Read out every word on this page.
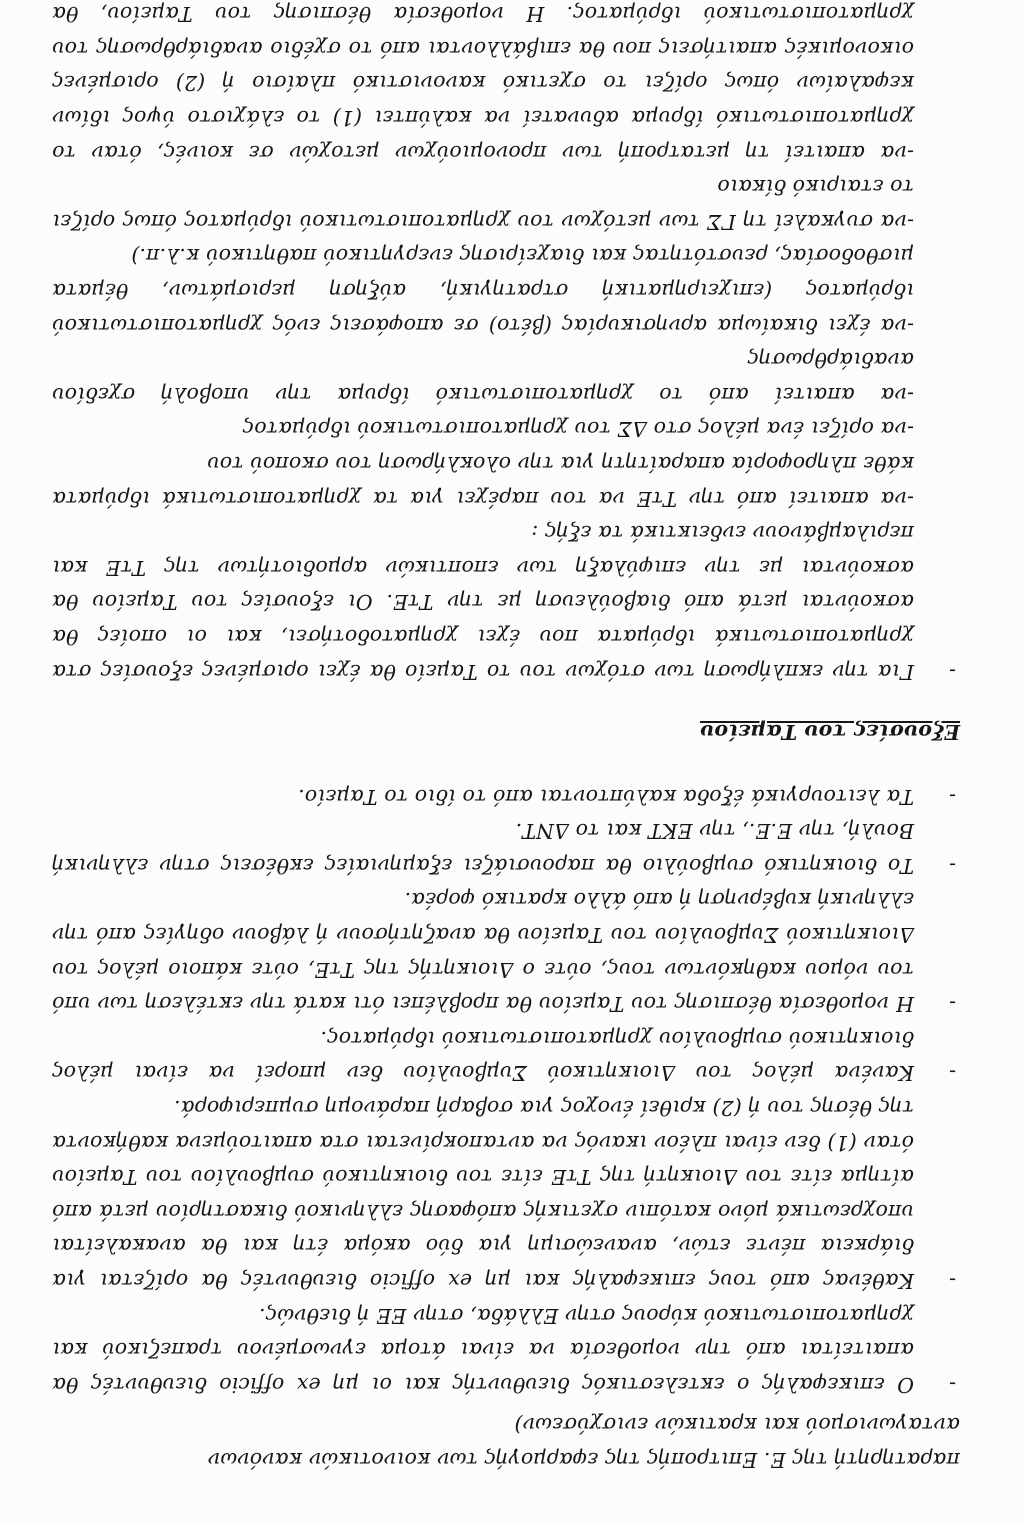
παρατηρητή της Ε. Επιτροπής της εφαρμογής των κοινοτικών κανόνων ανταγωνισμού και κρατικών ενισχύσεων)

-
Ο επικεφαλής ο εκτελεστικός διευθυντής και οι μη ex officio διευθυντές θα απαιτείται από την νομοθεσία να είναι άτομα εγνωσμένου τραπεζικού και χρηματοπιστωτικού κύρους στην Ελλάδα, στην ΕΕ ή διεθνώς.

-
Καθένας από τους επικεφαλής και μη ex officio διευθυντές θα ορίζεται για διάρκεια πέντε ετών, ανανεώσιμη για δύο ακόμα έτη και θα ανακαλείται υποχρεωτικά μόνο κατόπιν σχετικής απόφασης ελληνικού δικαστηρίου μετά από αίτημα είτε του Διοικητή της ΤτΕ είτε του διοικητικού συμβουλίου του Ταμείου όταν (1) δεν είναι πλέον ικανός να ανταποκρίνεται στα απαιτούμενα καθήκοντα της θέσης του ή (2) κριθεί ένοχος για σοβαρή παράνομη συμπεριφορά.

-
Κανένα μέλος του Διοικητικού Συμβουλίου δεν μπορεί να είναι μέλος διοικητικού συμβουλίου χρηματοπιστωτικού ιδρύματος.

-
Η νομοθεσία θέσπισης του Ταμείου θα προβλέπει ότι κατά την εκτέλεση των υπό του νόμου καθηκόντων τους, ούτε ο Διοικητής της ΤτΕ, ούτε κάποιο μέλος του Διοικητικού Συμβουλίου του Ταμείου θα αναζητήσουν ή λάβουν οδηγίες από την ελληνική κυβέρνηση ή από άλλο κρατικό φορέα.

-
Το διοικητικό συμβούλιο θα παρουσιάζει εξαμηνιαίες εκθέσεις στην ελληνική Βουλή, την Ε.Ε., την ΕΚΤ και το ΔΝΤ.

-
Τα λειτουργικά έξοδα καλύπτονται από το ίδιο το Ταμείο.

Εξουσίες του Ταμείου

-
Για την εκπλήρωση των στόχων του το Ταμείο θα έχει ορισμένες εξουσίες στα χρηματοπιστωτικά ιδρύματα που έχει χρηματοδοτήσει, και οι οποίες θα ασκούνται μετά από διαβούλευση με την ΤτΕ. Οι εξουσίες του Ταμείου θα ασκούνται με την επιφύλαξη των εποπτικών αρμοδιοτήτων της ΤτΕ και περιλαμβάνουν ενδεικτικά τα εξής :

-να απαιτεί από την ΤτΕ να του παρέχει για τα χρηματοπιστωτικά ιδρύματα κάθε πληροφορία απαραίτητη για την ολοκλήρωση του σκοπού του

-να ορίζει ένα μέλος στο ΔΣ του χρηματοπιστωτικού ιδρύματος

-να απαιτεί από το χρηματοπιστωτικό ίδρυμα την υποβολή σχεδίου αναδιάρθρωσης

-να έχει δικαίωμα αρνησικυρίας (βέτο) σε αποφάσεις ενός χρηματοπιστωτικού ιδρύματος (επιχειρηματική στρατηγική, αύξηση μερισμάτων, θέματα μισθοδοσίας, ρευστότητας και διαχείρισης ενεργητικού παθητικού κ.λ.π.)

-να συγκαλεί τη ΓΣ των μετόχων του χρηματοπιστωτικού ιδρύματος όπως ορίζει το εταιρικό δίκαιο

-να απαιτεί τη μετατροπή των προνομιούχων μετοχών σε κοινές, όταν το χρηματοπιστωτικό ίδρυμα αδυνατεί να καλύπτει (1) το ελάχιστο ύψος ιδίων κεφαλαίων όπως ορίζει το σχετικό κανονιστικό πλαίσιο ή (2) ορισμένες οικονομικές απαιτήσεις που θα επιβάλλονται από το σχέδιο αναδιάρθρωσης του χρηματοπιστωτικού ιδρύματος. Η νομοθεσία θέσπισης του Ταμείου, θα
